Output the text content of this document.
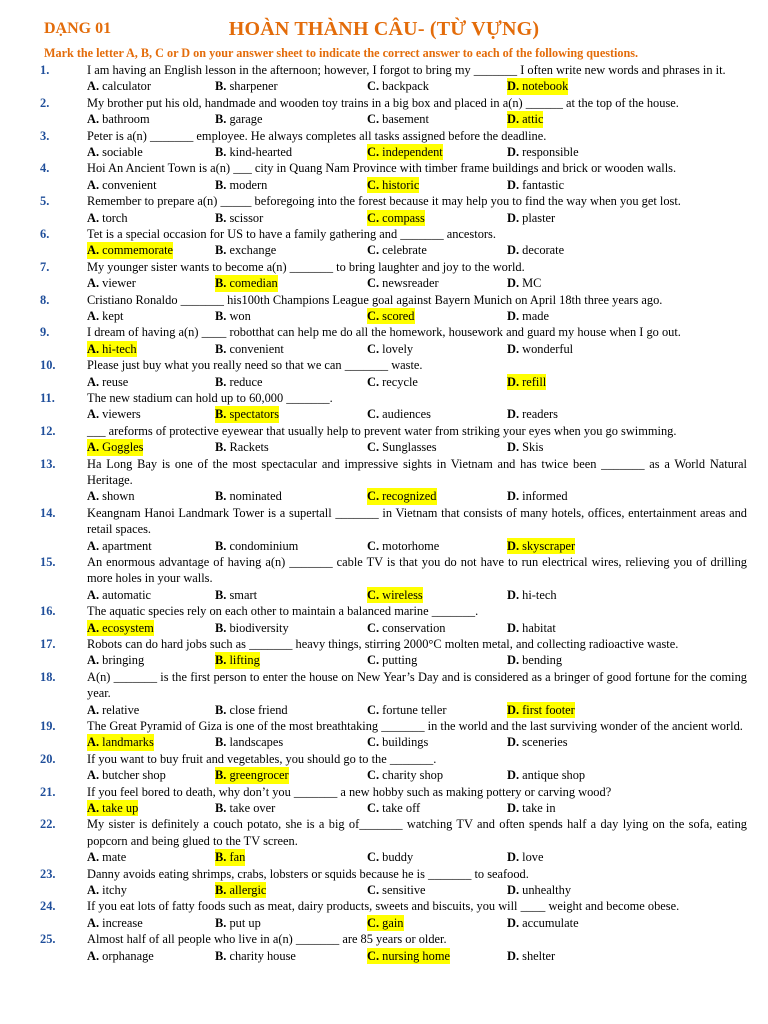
HOÀN THÀNH CÂU- (TỪ VỰNG)
DẠNG 01
Mark the letter A, B, C or D on your answer sheet to indicate the correct answer to each of the following questions.
1.	I am having an English lesson in the afternoon; however, I forgot to bring my _______ I often write new words and phrases in it.
A. calculator	B. sharpener	C. backpack	D. notebook
2.	My brother put his old, handmade and wooden toy trains in a big box and placed in a(n) ______ at the top of the house.
A. bathroom	B. garage	C. basement	D. attic
3.	Peter is a(n) _______ employee. He always completes all tasks assigned before the deadline.
A. sociable	B. kind-hearted	C. independent	D. responsible
4.	Hoi An Ancient Town is a(n) ___ city in Quang Nam Province with timber frame buildings and brick or wooden walls.
A. convenient	B. modern	C. historic	D. fantastic
5.	Remember to prepare a(n) _____ beforegoing into the forest because it may help you to find the way when you get lost.
A. torch	B. scissor	C. compass	D. plaster
6.	Tet is a special occasion for US to have a family gathering and _______ ancestors.
A. commemorate	B. exchange	C. celebrate	D. decorate
7.	My younger sister wants to become a(n) _______ to bring laughter and joy to the world.
A. viewer	B. comedian	C. newsreader	D. MC
8.	Cristiano Ronaldo _______ his100th Champions League goal against Bayern Munich on April 18th three years ago.
A. kept	B. won	C. scored	D. made
9.	I dream of having a(n) ____ robotthat can help me do all the homework, housework and guard my house when I go out.
A. hi-tech	B. convenient	C. lovely	D. wonderful
10.	Please just buy what you really need so that we can _______ waste.
A. reuse	B. reduce	C. recycle	D. refill
11.	The new stadium can hold up to 60,000 _______.
A. viewers	B. spectators	C. audiences	D. readers
12.	___ areforms of protective eyewear that usually help to prevent water from striking your eyes when you go swimming.
A. Goggles	B. Rackets	C. Sunglasses	D. Skis
13.	Ha Long Bay is one of the most spectacular and impressive sights in Vietnam and has twice been _______ as a World Natural Heritage.
A. shown	B. nominated	C. recognized	D. informed
14.	Keangnam Hanoi Landmark Tower is a supertall _______ in Vietnam that consists of many hotels, offices, entertainment areas and retail spaces.
A. apartment	B. condominium	C. motorhome	D. skyscraper
15.	An enormous advantage of having a(n) _______ cable TV is that you do not have to run electrical wires, relieving you of drilling more holes in your walls.
A. automatic	B. smart	C. wireless	D. hi-tech
16.	The aquatic species rely on each other to maintain a balanced marine _______.
A. ecosystem	B. biodiversity	C. conservation	D. habitat
17.	Robots can do hard jobs such as _______ heavy things, stirring 2000°C molten metal, and collecting radioactive waste.
A. bringing	B. lifting	C. putting	D. bending
18.	A(n) _______ is the first person to enter the house on New Year’s Day and is considered as a bringer of good fortune for the coming year.
A. relative	B. close friend	C. fortune teller	D. first footer
19.	The Great Pyramid of Giza is one of the most breathtaking _______ in the world and the last surviving wonder of the ancient world.
A. landmarks	B. landscapes	C. buildings	D. sceneries
20.	If you want to buy fruit and vegetables, you should go to the _______.
A. butcher shop	B. greengrocer	C. charity shop	D. antique shop
21.	If you feel bored to death, why don’t you _______ a new hobby such as making pottery or carving wood?
A. take up	B. take over	C. take off	D. take in
22.	My sister is definitely a couch potato, she is a big of_______ watching TV and often spends half a day lying on the sofa, eating popcorn and being glued to the TV screen.
A. mate	B. fan	C. buddy	D. love
23.	Danny avoids eating shrimps, crabs, lobsters or squids because he is _______ to seafood.
A. itchy	B. allergic	C. sensitive	D. unhealthy
24.	If you eat lots of fatty foods such as meat, dairy products, sweets and biscuits, you will ____ weight and become obese.
A. increase	B. put up	C. gain	D. accumulate
25.	Almost half of all people who live in a(n) _______ are 85 years or older.
A. orphanage	B. charity house	C. nursing home	D. shelter
